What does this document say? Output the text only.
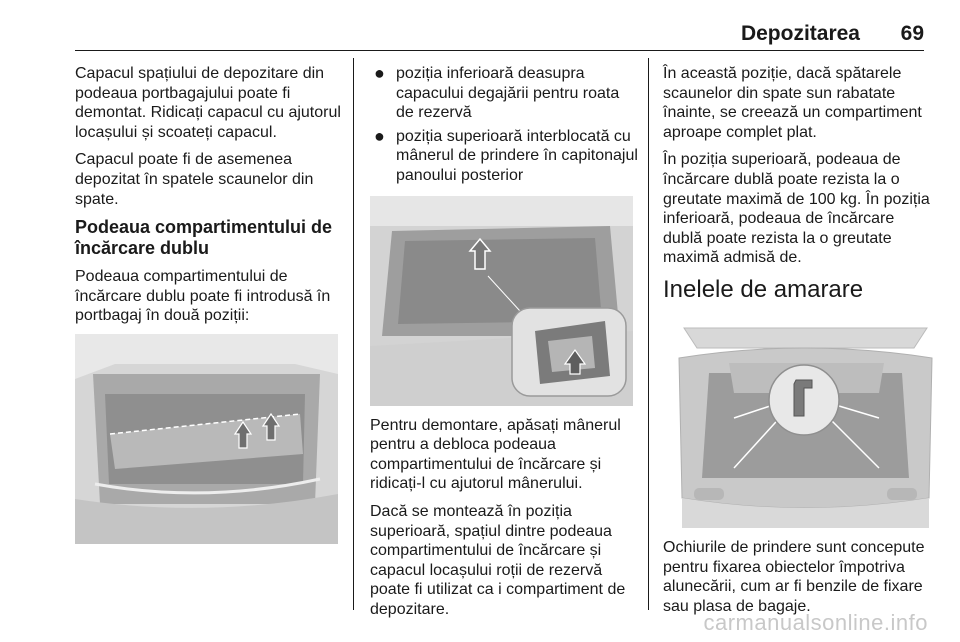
Depozitarea 69

Capacul spațiului de depozitare din podeaua portbagajului poate fi demontat. Ridicați capacul cu ajutorul locașului și scoateți capacul.

Capacul poate fi de asemenea depozitat în spatele scaunelor din spate.

Podeaua compartimentului de încărcare dublu

Podeaua compartimentului de încărcare dublu poate fi introdusă în portbagaj în două poziții:

● poziția inferioară deasupra capacului degajării pentru roata de rezervă
● poziția superioară interblocată cu mânerul de prindere în capitonajul panoului posterior

Pentru demontare, apăsați mânerul pentru a debloca podeaua compartimentului de încărcare și ridicați-l cu ajutorul mânerului.

Dacă se montează în poziția superioară, spațiul dintre podeaua compartimentului de încărcare și capacul locașului roții de rezervă poate fi utilizat ca i compartiment de depozitare.

În această poziție, dacă spătarele scaunelor din spate sun rabatate înainte, se creează un compartiment aproape complet plat.

În poziția superioară, podeaua de încărcare dublă poate rezista la o greutate maximă de 100 kg. În poziția inferioară, podeaua de încărcare dublă poate rezista la o greutate maximă admisă de.

Inelele de amarare

Ochiurile de prindere sunt concepute pentru fixarea obiectelor împotriva alunecării, cum ar fi benzile de fixare sau plasa de bagaje.

carmanualsonline.info
